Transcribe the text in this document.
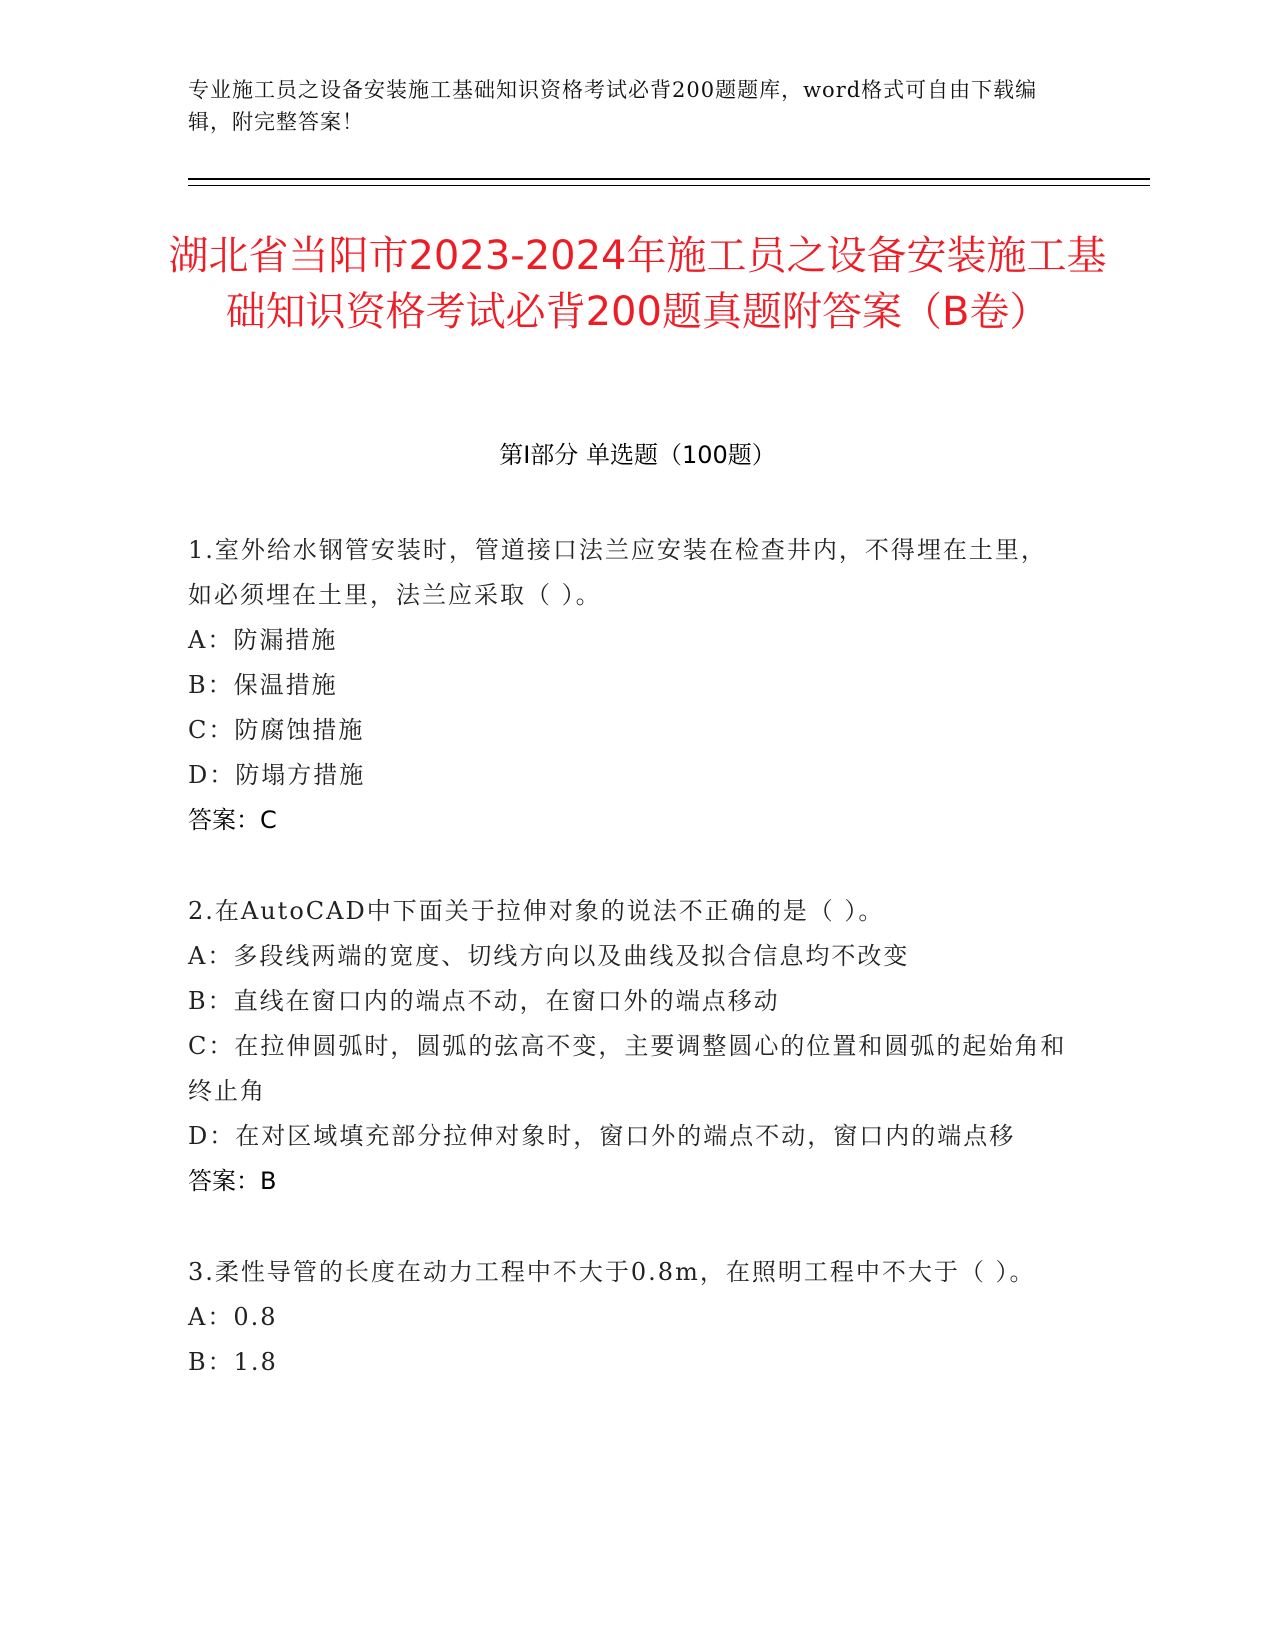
专业施工员之设备安装施工基础知识资格考试必背200题题库，word格式可自由下载编辑，附完整答案！
湖北省当阳市2023-2024年施工员之设备安装施工基础知识资格考试必背200题真题附答案（B卷）
第Ⅰ部分 单选题（100题）
1.室外给水钢管安装时，管道接口法兰应安装在检查井内，不得埋在土里，如必须埋在土里，法兰应采取（ ）。
A：防漏措施
B：保温措施
C：防腐蚀措施
D：防塌方措施
答案：C
2.在AutoCAD中下面关于拉伸对象的说法不正确的是（ ）。
A：多段线两端的宽度、切线方向以及曲线及拟合信息均不改变
B：直线在窗口内的端点不动，在窗口外的端点移动
C：在拉伸圆弧时，圆弧的弦高不变，主要调整圆心的位置和圆弧的起始角和终止角
D：在对区域填充部分拉伸对象时，窗口外的端点不动，窗口内的端点移
答案：B
3.柔性导管的长度在动力工程中不大于0.8m，在照明工程中不大于（ ）。
A：0.8
B：1.8
